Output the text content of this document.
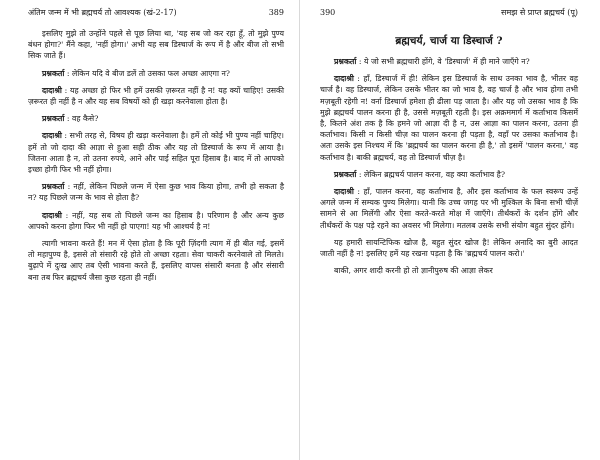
अंतिम जन्म में भी ब्रह्मचर्य तो आवश्यक (खं-2-17)	389

इसलिए मुझे तो उन्होंने पहले से पूछ लिया था, 'यह सब जो कर रहा हूँ, तो मुझे पुण्य बंधन होगा?' मैंने कहा, 'नहीं होगा।' अभी यह सब डिस्चार्ज के रूप में है और बीज तो सभी सिक जाते हैं।

प्रश्नकर्ता : लेकिन यदि वे बीज डलें तो उसका फल अच्छा आएगा न?

दादाश्री : यह अच्छा हो फिर भी हमें उसकी ज़रूरत नहीं है न! यह क्यों चाहिए! उसकी ज़रूरत ही नहीं है न और यह सब विषयों को ही खड़ा करनेवाला होता है।

प्रश्नकर्ता : वह कैसे?

दादाश्री : सभी तरह से, विषय ही खड़ा करनेवाला है। हमें तो कोई भी पुण्य नहीं चाहिए। हमें तो जो दादा की आज्ञा से हुआ सही ठीक और यह तो डिस्चार्ज के रूप में आया है। जितना आता है न, तो उतना रुपये, आने और पाई सहित पूरा हिसाब है। बाद में तो आपको इच्छा होगी फिर भी नहीं होगा।

प्रश्नकर्ता : नहीं, लेकिन पिछले जन्म में ऐसा कुछ भाव किया होगा, तभी हो सकता है न? यह पिछले जन्म के भाव से होता है?

दादाश्री : नहीं, यह सब तो पिछले जन्म का हिसाब है। परिणाम है और अन्य कुछ आपको करना होगा फिर भी नहीं हो पाएगा! यह भी आश्चर्य है न!

त्यागी भावना करते हैं! मन में ऐसा होता है कि पूरी ज़िंदगी त्याग में ही बीत गई, इसमें तो महापुण्य है, इससे तो संसारी रहे होते तो अच्छा रहता। सेवा चाकरी करनेवाले तो मिलते। बुढ़ापे में दुःख आए तब ऐसी भावना करते हैं, इसलिए वापस संसारी बनता है और संसारी बना तब फिर ब्रह्मचर्य जैसा कुछ रहता ही नहीं।

390	समझ से प्राप्त ब्रह्मचर्य (पू)
ब्रह्मचर्य, चार्ज या डिस्चार्ज ?

प्रश्नकर्ता : ये जो सभी ब्रह्मचारी होंगे, वे 'डिस्चार्ज' में ही माने जाएँगे न?

दादाश्री : हाँ, डिस्चार्ज में ही! लेकिन इस डिस्चार्ज के साथ उनका भाव है, भीतर वह चार्ज है। वह डिस्चार्ज, लेकिन उसके भीतर का जो भाव है, वह चार्ज है और भाव होगा तभी मज़बूती रहेगी न! वर्ना डिस्चार्ज हमेशा ही ढीला पड़ जाता है। और यह जो उसका भाव है कि मुझे ब्रह्मचर्य पालन करना ही है, उससे मज़बूती रहती है। इस अक्रममार्ग में कर्ताभाव किसमें है, कितने अंश तक है कि हमने जो आज्ञा दी है न, उस आज्ञा का पालन करना, उतना ही कर्ताभाव। किसी न किसी चीज़ का पालन करना ही पड़ता है, वहाँ पर उसका कर्ताभाव है। अतः उसके इस निश्चय में कि 'ब्रह्मचर्य का पालन करना ही है,' तो इसमें 'पालन करना,' वह कर्ताभाव है। बाकी ब्रह्मचर्य, वह तो डिस्चार्ज चीज़ है।

प्रश्नकर्ता : लेकिन ब्रह्मचर्य पालन करना, वह क्या कर्ताभाव है?

दादाश्री : हाँ, पालन करना, वह कर्ताभाव है, और इस कर्ताभाव के फल स्वरूप उन्हें अगले जन्म में सम्यक पुण्य मिलेगा। यानी कि उच्च जगह पर भी मुश्किल के बिना सभी चीज़ें सामने से आ मिलेंगी और ऐसा करते-करते मोक्ष में जाएँगे। तीर्थंकरों के दर्शन होंगे और तीर्थंकरों के पक्ष पड़े रहने का अवसर भी मिलेगा। मतलब उसके सभी संयोग बहुत सुंदर होंगे।

यह हमारी सायन्टिफिक खोज है, बहुत सुंदर खोज है! लेकिन अनादि का बुरी आदत जाती नहीं है न! इसलिए हमें यह रखना पड़ता है कि 'ब्रह्मचर्य पालन करो।'

बाकी, अगर शादी करनी हो तो ज्ञानीपुरुष की आज्ञा लेकर
